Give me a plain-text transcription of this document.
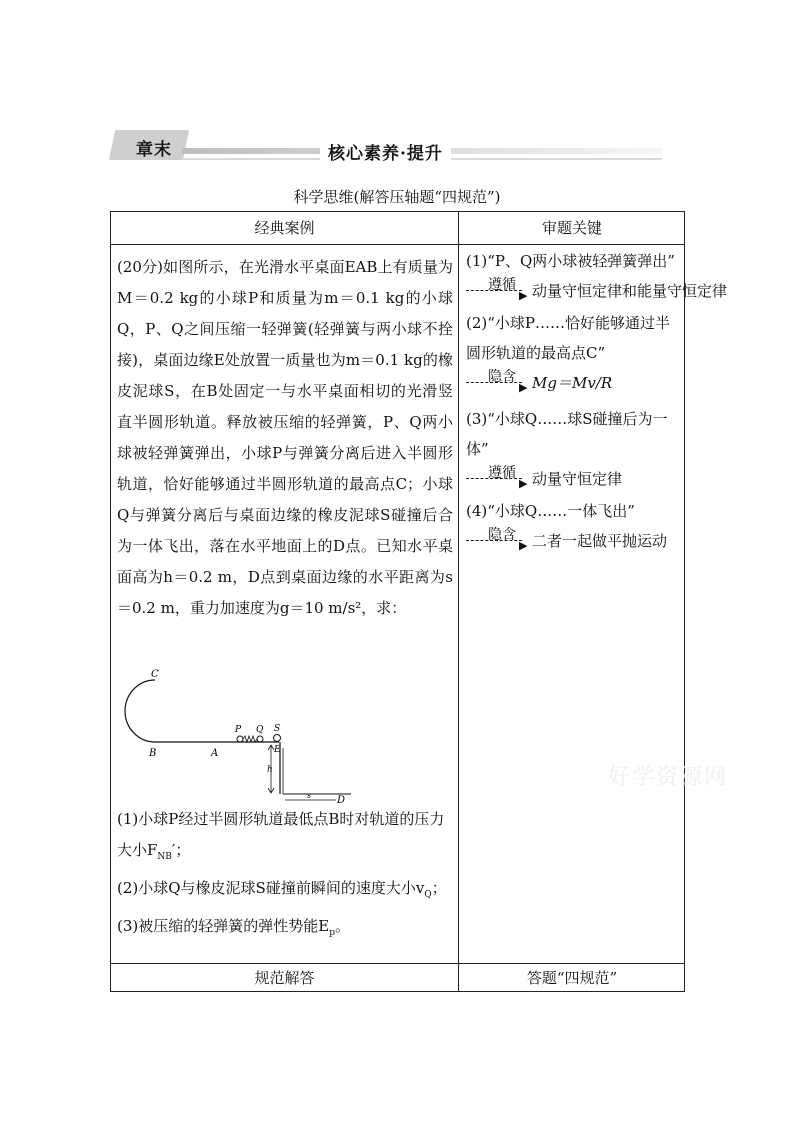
章末	核心素养·提升
科学思维(解答压轴题“四规范”)
经典案例	审题关键

(20分)如图所示，在光滑水平桌面EAB上有质量为M＝0.2 kg的小球P和质量为m＝0.1 kg的小球Q，P、Q之间压缩一轻弹簧(轻弹簧与两小球不拴接)，桌面边缘E处放置一质量也为m＝0.1 kg的橡皮泥球S，在B处固定一与水平桌面相切的光滑竖直半圆形轨道。释放被压缩的轻弹簧，P、Q两小球被轻弹簧弹出，小球P与弹簧分离后进入半圆形轨道，恰好能够通过半圆形轨道的最高点C；小球Q与弹簧分离后与桌面边缘的橡皮泥球S碰撞后合为一体飞出，落在水平地面上的D点。已知水平桌面高为h＝0.2 m，D点到桌面边缘的水平距离为s＝0.2 m，重力加速度为g＝10 m/s²，求：

C
B	A
P Q S
E
h
s	D

(1)小球P经过半圆形轨道最低点B时对轨道的压力大小$F_{NB}'$；

(2)小球Q与橡皮泥球S碰撞前瞬间的速度大小$v_Q$；

(3)被压缩的轻弹簧的弹性势能$E_p$。

(1)“P、Q两小球被轻弹簧弹出”

遵循
▶ 动量守恒定律和能量守恒定律

(2)“小球P……恰好能够通过半圆形轨道的最高点C”

隐含
▶ Mg＝Mv/R

(3)“小球Q……球S碰撞后为一体”

遵循
▶ 动量守恒定律

(4)“小球Q……一体飞出”

隐含
▶ 二者一起做平抛运动
规范解答	答题“四规范”
好学资源网
